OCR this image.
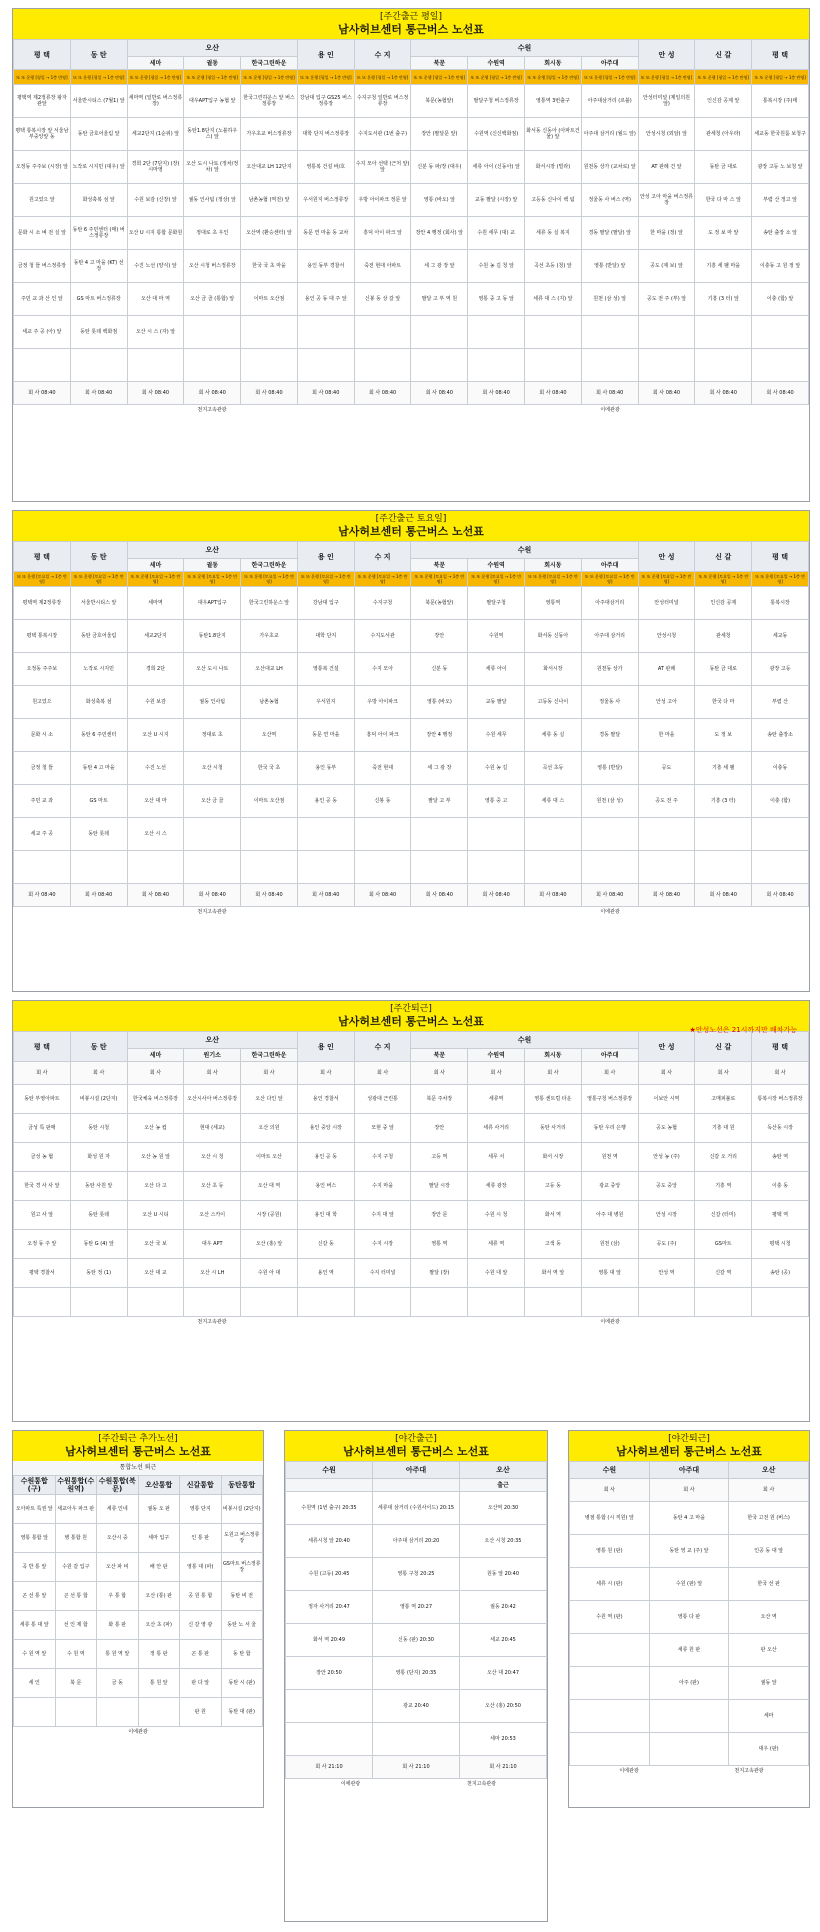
[주간출근 평일]
남사허브센터 통근버스 노선표
평 택	동 탄	오산			용 인	수 지	수원				안 성	신 갈	평 택
		세마	궐동	한국그린하운			북문	수원역	회시동	아주대			
또 또 운행 [평일 → 1층 반영]	또 또 운행 [평일 → 1층 반영]	또 또 운행 [평일 → 1층 반영]	또 또 운행 [평일 → 1층 반영]	또 또 운행 [평일 → 1층 반영]	또 또 운행 [평일 → 1층 반영]	또 또 운행 [평일 → 1층 반영]	또 또 운행 [평일 → 1층 반영]	또 또 운행 [평일 → 1층 반영]	또 또 운행 [평일 → 1층 반영]	또 또 운행 [평일 → 1층 반영]	또 또 운행 [평일 → 1층 반영]	또 또 운행 [평일 → 1층 반영]	또 또 운행 [평일 → 1층 반영]
평택역 제2정류장 왕자관앞	서울반시티스 (7월1) 앞	세마역 (일반로 버스정류장)	대우APT입구 농협 앞	한국그린하운스 앞 버스정류장	강남대 입구 GS25 버스정류장	수지구청 일반로 버스정류장	북문(농협앞)	팔달구청 버스정류장	영통역 3번출구	아주대삼거리 (르블)	안성터미널 (제일의원 앞)	인신감 공제 앞	통복시장 (주)태
평택 통복시장 앞 서울남부중앙앞 동	동탄 금호어울림 앞	세교2단지 (1순위) 앞	동탄1.8단지 (노블하우스) 앞	가우초교 버스정류장	대학 단지 버스정류장	수지도서관 (1번 출구)	장안 (팔달문 앞)	수원역 (신신백화점)	화서동 신동아 (아파트건물) 앞	아주대 삼거리 (월드 앞)	안성시청 (외암) 앞	관세청 (아우라)	세교동 한국원룸 보청구
오정동 주주보 (시장) 앞	노작로 시지민 (대우) 앞	경희 2단 (7단지) (장) 시마영	오산 도시 나토 (정차/정차) 앞	오산대교 LH 12단지	영통복 건설 바/호	수지 모아 선택 (근처 앞) 앞	신분 동 파/장 (대우)	세류 아이 (신동아) 앞	화서시장 (빌라)	원천동 상가 (교차로) 앞	AT 판례 건 앞	동탄 금 대로	광장 고등 노 보청 앞
원고었으 앞	화성축복 섬 앞	수원 보감 (신장) 앞	궐동 인사팀 (정상) 앞	남촌농협 (역전) 앞	우서원지 버스정류장	우방 아이파크 정문 앞	영통 (바오) 앞	교동 팔달 (시장) 앞	고등동 신나이 백 팀	정울동 사 버스 (역)	안성 고아 마을 버스정류장	한국 다 마 스 앞	부렴 산 정고 앞
문화 시 소 벼 전 실 앞	동탄 6 주민센터 (매) 버스정류장	오산 U 시지 통합 문화원	정대로 초 우인	오산역 (환승센터) 앞	동문 연 마을 동 교차	흥덕 아이 파크 앞	장안 4 행정 (회사) 앞	수원 세무 (대) 교	세류 동 실 복지	경동 팔달 (팔달) 앞	한 마을 (정) 앞	도 정 보 마 앞	송탄 출장 소 앞
금정 청 뜰 버스정류장	동탄 4 고 마을 (KT) 선 정	수진 노선 (양식) 앞	오산 시청 버스정류장	한국 국 초 마을	용인 동부 경찰서	죽전 현대 아파트	세 그 광 장 앞	수원 농 길 청 앞	곡선 초등 (청) 앞	영통 (반달) 앞	공도 (제 보) 앞	기흥 세 팰 마을	이충동 고 원 정 앞
주민 교 과 산 인 앞	GS 마트 버스정류장	오산 대 마 역	오산 금 골 (통합) 앞	이마트 오산점	용인 공 동 대 주 앞	신봉 동 상 갈 앞	팔달 고 부 역 원	영통 중 고 동 앞	세류 대 스 (지) 앞	원천 (삼 성) 앞	공도 전 주 (부) 앞	기흥 (3 터) 앞	이충 (합) 앞
세교 주 공 (아) 앞	동탄 롯데 백화점	오산 시 스 (자) 앞											

회 사 08:40	회 사 08:40	회 사 08:40	회 사 08:40	회 사 08:40	회 사 08:40	회 사 08:40	회 사 08:40	회 사 08:40	회 사 08:40	회 사 08:40	회 사 08:40	회 사 08:40	회 사 08:40
천지고속관광	이에관광
[주간출근 토요일]
남사허브센터 통근버스 노선표
평 택	동 탄	오산			용 인	수 지	수원				안 성	신 갈	평 택
		세마	궐동	한국그린하운			북문	수원역	회시동	아주대			
또 또 운행 [토요일 → 1층 반영]	또 또 운행 [토요일 → 1층 반영]	또 또 운행 [토요일 → 1층 반영]	또 또 운행 [토요일 → 1층 반영]	또 또 운행 [토요일 → 1층 반영]	또 또 운행 [토요일 → 1층 반영]	또 또 운행 [토요일 → 1층 반영]	또 또 운행 [토요일 → 1층 반영]	또 또 운행 [토요일 → 1층 반영]	또 또 운행 [토요일 → 1층 반영]	또 또 운행 [토요일 → 1층 반영]	또 또 운행 [토요일 → 1층 반영]	또 또 운행 [토요일 → 1층 반영]	또 또 운행 [토요일 → 1층 반영]
평택역 제2정류장	서울반시티스 앞	세마역	대우APT입구	한국그린하운스 앞	강남대 입구	수지구청	북문(농협앞)	팔달구청	영통역	아주대삼거리	안성터미널	인신감 공제	통복시장
평택 통복시장	동탄 금호어울림	세교2단지	동탄1.8단지	가우초교	대학 단지	수지도서관	장안	수원역	화서동 신동아	아주대 삼거리	안성시청	관세청	세교동
오정동 주주보	노작로 시지민	경희 2단	오산 도시 나토	오산대교 LH	영통복 건설	수지 모아	신분 동	세류 아이	화서시장	원천동 상가	AT 판례	동탄 금 대로	광장 고등
원고었으	화성축복 섬	수원 보감	궐동 인사팀	남촌농협	우서원지	우방 아이파크	영통 (바오)	교동 팔달	고등동 신나이	정울동 사	안성 고아	한국 다 마	부렴 산
문화 시 소	동탄 6 주민센터	오산 U 시지	정대로 초	오산역	동문 연 마을	흥덕 아이 파크	장안 4 행정	수원 세무	세류 동 실	경동 팔달	한 마을	도 정 보	송탄 출장소
금정 청 뜰	동탄 4 고 마을	수진 노선	오산 시청	한국 국 초	용인 동부	죽전 현대	세 그 광 장	수원 농 길	곡선 초등	영통 (반달)	공도	기흥 세 팰	이충동
주민 교 과	GS 마트	오산 대 마	오산 금 골	이마트 오산점	용인 공 동	신봉 동	팔달 고 부	영통 중 고	세류 대 스	원천 (삼 성)	공도 전 주	기흥 (3 터)	이충 (합)
세교 주 공	동탄 롯데	오산 시 스											

회 사 08:40	회 사 08:40	회 사 08:40	회 사 08:40	회 사 08:40	회 사 08:40	회 사 08:40	회 사 08:40	회 사 08:40	회 사 08:40	회 사 08:40	회 사 08:40	회 사 08:40	회 사 08:40
천지고속관광	이에관광
[주간퇴근]
남사허브센터 통근버스 노선표
★안성노선은 21시까지만 배차가능
평 택	동 탄	오산			용 인	수 지	수원				안 성	신 갈	평 택
		세마	원기소	한국그린하운			북문	수원역	회시동	아주대			
회 사	회 사	회 사	회 사	회 사	회 사	회 사	회 사	회 사	회 사	회 사	회 사	회 사	회 사
동탄 부영아파트	비봉시설 (2단지)	한국체육 버스정류장	오산시사아 버스정류장	오산 다인 앞	용인 경찰서	성광대 근린통	북문 주차장	세류역	영통 센트럴 타운	영통구청 버스정류장	이보안 시역	고매피불로	통복시장 버스정류장
금성 특 판매	동탄 시청	오산 농 컵	현대 (세교)	오산 의원	용인 중앙 시장	모현 중 앞	장안	세류 사거리	동탄 사거리	동탄 우리 은행	공도 농협	기흥 대 원	독산동 시장
금성 농 협	화성 원 자	오산 농 원 앞	오산 시 청	이마트 오산	용인 공 동	수지 구청	고등 역	세무 서	화서 시장	원천 역	안성 농 (주)	신갈 오 거리	송탄 역
한국 경 사 사 앞	동탄 사원 앞	오산 다 고	오산 초 등	오산 대 역	용인 버스	수지 마을	팔달 시장	세류 광장	고등 동	광교 중앙	공도 중앙	기흥 역	이충 동
원고 사 앞	동탄 롯데	오산 U 시티	오산 스카이	시장 (공원)	용인 대 학	수지 대 앞	장안 문	수원 시 청	화서 역	아주 대 병원	안성 시장	신갈 (터미)	평택 역
오정 동 주 앞	동탄 G (4) 앞	오산 국 보	대우 APT	오산 (홍) 앞	신갈 동	수지 시장	영통 역	세류 역	고색 동	원천 (삼)	공도 (주)	GS마트	평택 시청
평택 경찰서	동탄 정 (1)	오산 대 교	오산 시 LH	수원 아 대	용인 역	수지 터미널	팔달 (장)	수원 대 앞	화서 역 앞	영통 대 앞	안성 역	신갈 역	송탄 (공)

천지고속관광	이에관광
[주간퇴근 추가노선]
남사허브센터 통근버스 노선표
통합노선 퇴근
수원통합(구)	수원통합(수원역)	수원통합(북문)	오산통합	신갈통합	동탄통합
오아파트 특권 앞	세교아우 파크 판	세류 인네	궐동 오 판	영통 단지	비봉시설 (2단지)
영통 통합 앞	병 통합 원	오산시 중	세마 입구	인 통 판	도원고 버스정류장
곡 반 통 앞	수원 갈 입구	오산 파 비	배 안 판	영통 대 (파)	GS마트 버스정류장
곤 선 통 앞	곤 선 통 합	우 통 합	오산 (통) 판	공 원 통 합	동탄 비 전
세류 통 대 앞	선 인 제 합	화 통 판	오산 초 (파)	신 갈 영 광	동탄 노 서 울
수 원 역 앞	수 원 역	통 원 역 앞	정 통 판	곤 통 판	동 탄 합
세 인	북 문	금 동	통 원 앞	판 다 앞	동탄 시 (판)
				판 원	동탄 대 (판)
이에관광
[야간출근]
남사허브센터 통근버스 노선표
수원	아주대	오산
		출근
수원역 (1번 출구) 20:35	세류대 삼거리 (수원사이드) 20:15	오산역 20:30
세류시청 앞 20:40	아주대 삼거리 20:20	오산 시청 20:35
수원 (고등) 20:45	영통 구청 20:25	원동 앞 20:40
정자 사거리 20:47	영통 역 20:27	궐동 20:42
화서 역 20:49	신동 (판) 20:30	세교 20:45
장안 20:50	영통 (단지) 20:35	오산 대 20:47
	광교 20:40	오산 (홍) 20:50
		세마 20:53
회 사 21:10	회 사 21:10	회 사 21:10
이에관광	천지고속관광
[야간퇴근]
남사허브센터 통근버스 노선표
수원	아주대	오산
회 사	회 사	회 사
병점 통합 (시 직원) 앞	동탄 4 고 마을	한국 고전 원 (버스)
영통 원 (판)	동탄 영 교 (주) 앞	인공 동 대 앞
세류 시 (판)	수원 (판) 앞	한국 선 판
수원 역 (판)	영통 다 판	오산 역
	세류 원 판	판 오산
	아주 (판)	궐동 앞
		세마
		대우 (판)
이에관광	천지고속관광
